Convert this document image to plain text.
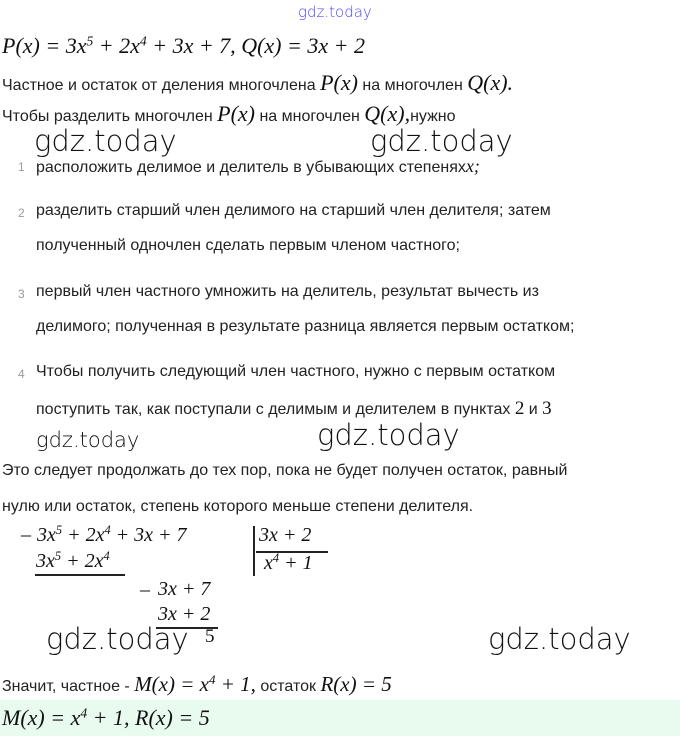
gdz.today
$P(x) = 3x^5 + 2x^4 + 3x + 7$, Q(x) = 3x + 2
Частное и остаток от деления многочлена P(x) на многочлен Q(x).
Чтобы разделить многочлен P(x) на многочлен Q(x),нужно
gdz.today	gdz.today
1 расположить делимое и делитель в убывающих степеняхx;
2 разделить старший член делимого на старший член делителя; затем
полученный одночлен сделать первым членом частного;
3 первый член частного умножить на делитель, результат вычесть из
делимого; полученная в результате разница является первым остатком;
4 Чтобы получить следующий член частного, нужно с первым остатком
поступить так, как поступали с делимым и делителем в пунктах 2 и 3
gdz.today	gdz.today
Это следует продолжать до тех пор, пока не будет получен остаток, равный
нулю или остаток, степень которого меньше степени делителя.
_ $3x^5 + 2x^4 + 3x + 7$
$3x^5 + 2x^4$
_ 3x + 7
3x + 2
5
3x + 2
$x^4 + 1$
gdz.today	gdz.today
Значит, частное - $M(x) = x^4 + 1$, остаток R(x) = 5
$M(x) = x^4 + 1$, R(x) = 5
